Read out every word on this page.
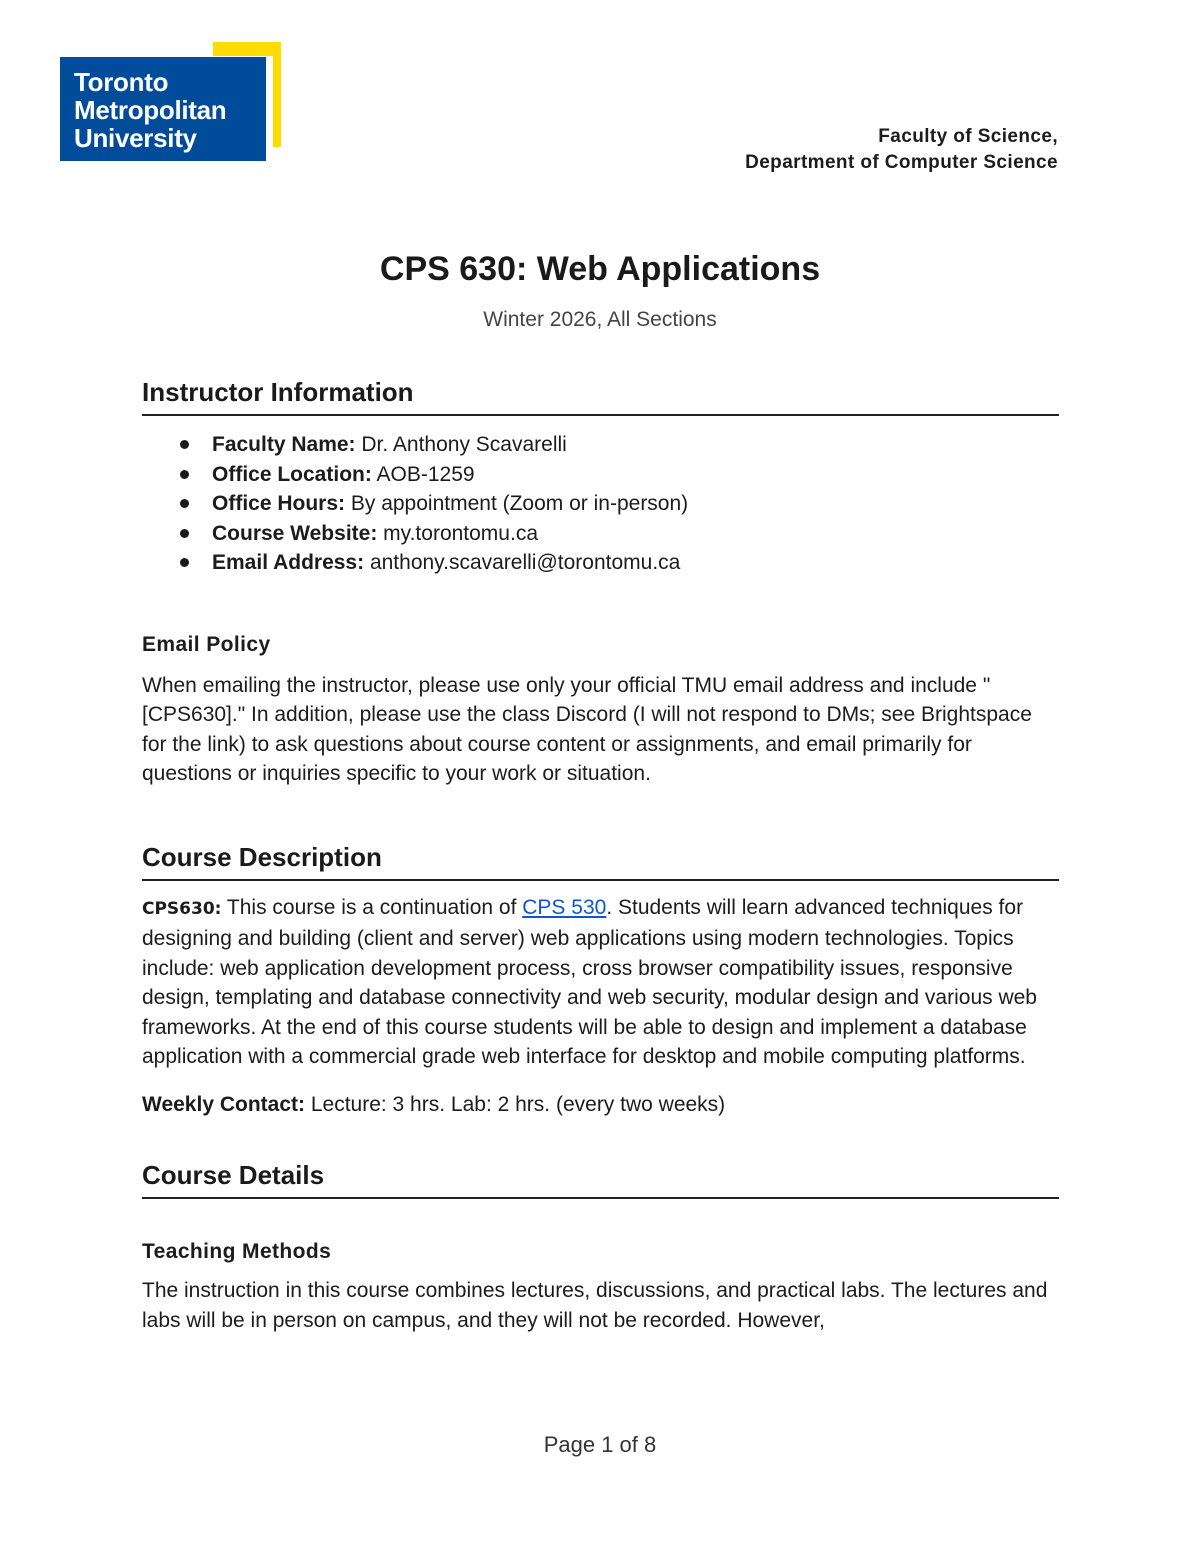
Toronto
Metropolitan
University	Faculty of Science,
Department of Computer Science
CPS 630: Web Applications
Winter 2026, All Sections
Instructor Information
Faculty Name: Dr. Anthony Scavarelli
Office Location: AOB-1259
Office Hours: By appointment (Zoom or in-person)
Course Website: my.torontomu.ca
Email Address: anthony.scavarelli@torontomu.ca
Email Policy

When emailing the instructor, please use only your official TMU email address and include "[CPS630]." In addition, please use the class Discord (I will not respond to DMs; see Brightspace for the link) to ask questions about course content or assignments, and email primarily for questions or inquiries specific to your work or situation.

Course Description

CPS630: This course is a continuation of CPS 530. Students will learn advanced techniques for designing and building (client and server) web applications using modern technologies. Topics include: web application development process, cross browser compatibility issues, responsive design, templating and database connectivity and web security, modular design and various web frameworks. At the end of this course students will be able to design and implement a database application with a commercial grade web interface for desktop and mobile computing platforms.

Weekly Contact: Lecture: 3 hrs. Lab: 2 hrs. (every two weeks)

Course Details
Teaching Methods

The instruction in this course combines lectures, discussions, and practical labs. The lectures and labs will be in person on campus, and they will not be recorded. However,

Page 1 of 8
